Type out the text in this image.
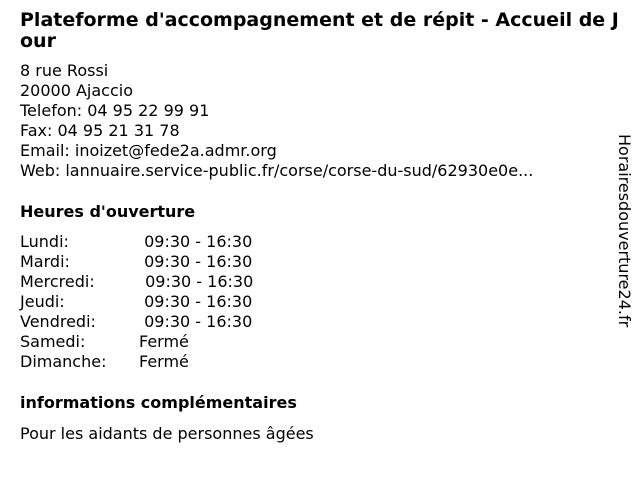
Plateforme d'accompagnement et de répit - Accueil de Jour
8 rue Rossi
20000 Ajaccio
Telefon: 04 95 22 99 91
Fax: 04 95 21 31 78
Email: inoizet@fede2a.admr.org
Web: lannuaire.service-public.fr/corse/corse-du-sud/62930e0e...
Heures d'ouverture
Lundi:	09:30 - 16:30
Mardi:	09:30 - 16:30
Mercredi:	09:30 - 16:30
Jeudi:	09:30 - 16:30
Vendredi:	09:30 - 16:30
Samedi:	Fermé
Dimanche:	Fermé
informations complémentaires
Pour les aidants de personnes âgées
Horairesdouverture24.fr
